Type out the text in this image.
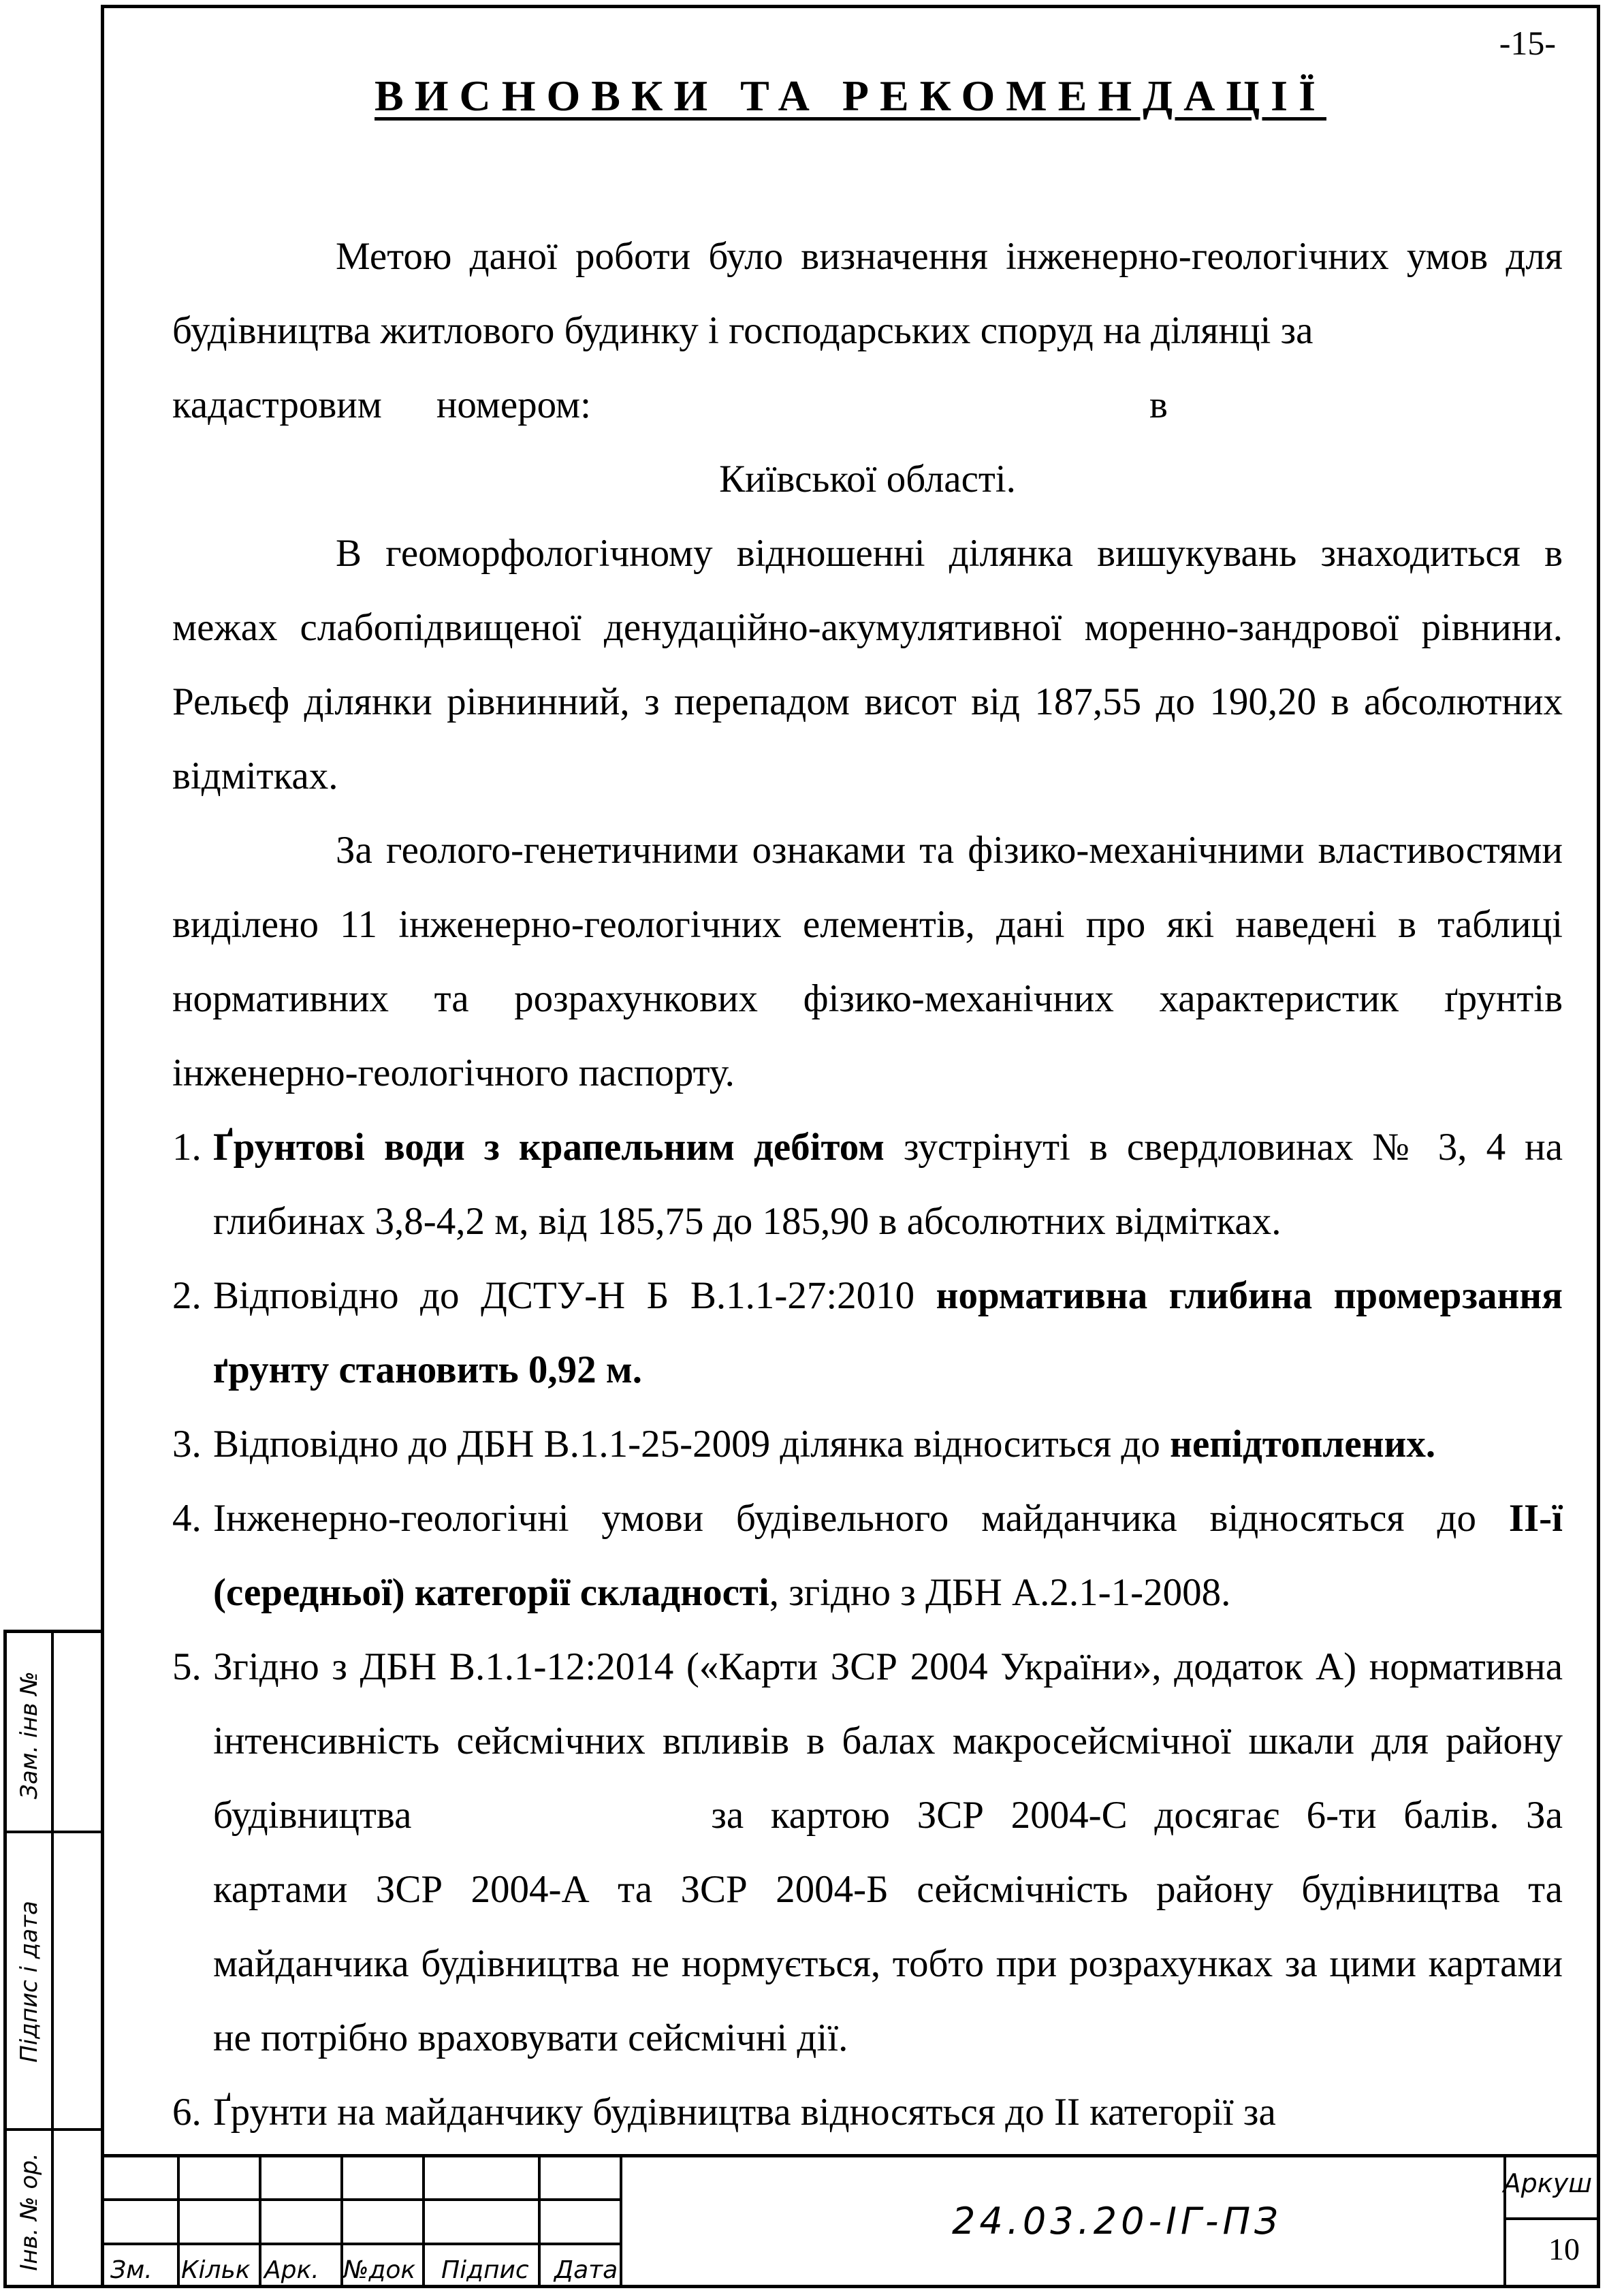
-15-
ВИСНОВКИ ТА РЕКОМЕНДАЦІЇ

Метою даної роботи було визначення інженерно-геологічних умов для будівництва житлового будинку і господарських споруд на ділянці за

кадастровим номером:	в
Київської області.

В геоморфологічному відношенні ділянка вишукувань знаходиться в межах слабопідвищеної денудаційно-акумулятивної моренно-зандрової рівнини. Рельєф ділянки рівнинний, з перепадом висот від 187,55 до 190,20 в абсолютних відмітках.

За геолого-генетичними ознаками та фізико-механічними властивостями виділено 11 інженерно-геологічних елементів, дані про які наведені в таблиці нормативних та розрахункових фізико-механічних характеристик ґрунтів інженерно-геологічного паспорту.

1. Ґрунтові води з крапельним дебітом зустрінуті в свердловинах № 3, 4 на глибинах 3,8-4,2 м, від 185,75 до 185,90 в абсолютних відмітках.
2. Відповідно до ДСТУ-Н Б В.1.1-27:2010 нормативна глибина промерзання ґрунту становить 0,92 м.
3. Відповідно до ДБН В.1.1-25-2009 ділянка відноситься до непідтоплених.
4. Інженерно-геологічні умови будівельного майданчика відносяться до ІІ-ї (середньої) категорії складності, згідно з ДБН А.2.1-1-2008.
5. Згідно з ДБН В.1.1-12:2014 («Карти ЗСР 2004 України», додаток А) нормативна інтенсивність сейсмічних впливів в балах макросейсмічної шкали для району будівництва	за картою ЗСР 2004-С досягає 6-ти балів. За картами ЗСР 2004-А та ЗСР 2004-Б сейсмічність району будівництва та майданчика будівництва не нормується, тобто при розрахунках за цими картами не потрібно враховувати сейсмічні дії.
6. Ґрунти на майданчику будівництва відносяться до ІІ категорії за
Інв. № ор.
Підпис і дата
Зам. інв №
Зм. Кільк Арк. №док Підпис Дата
24.03.20-ІГ-ПЗ
Аркуш
10
